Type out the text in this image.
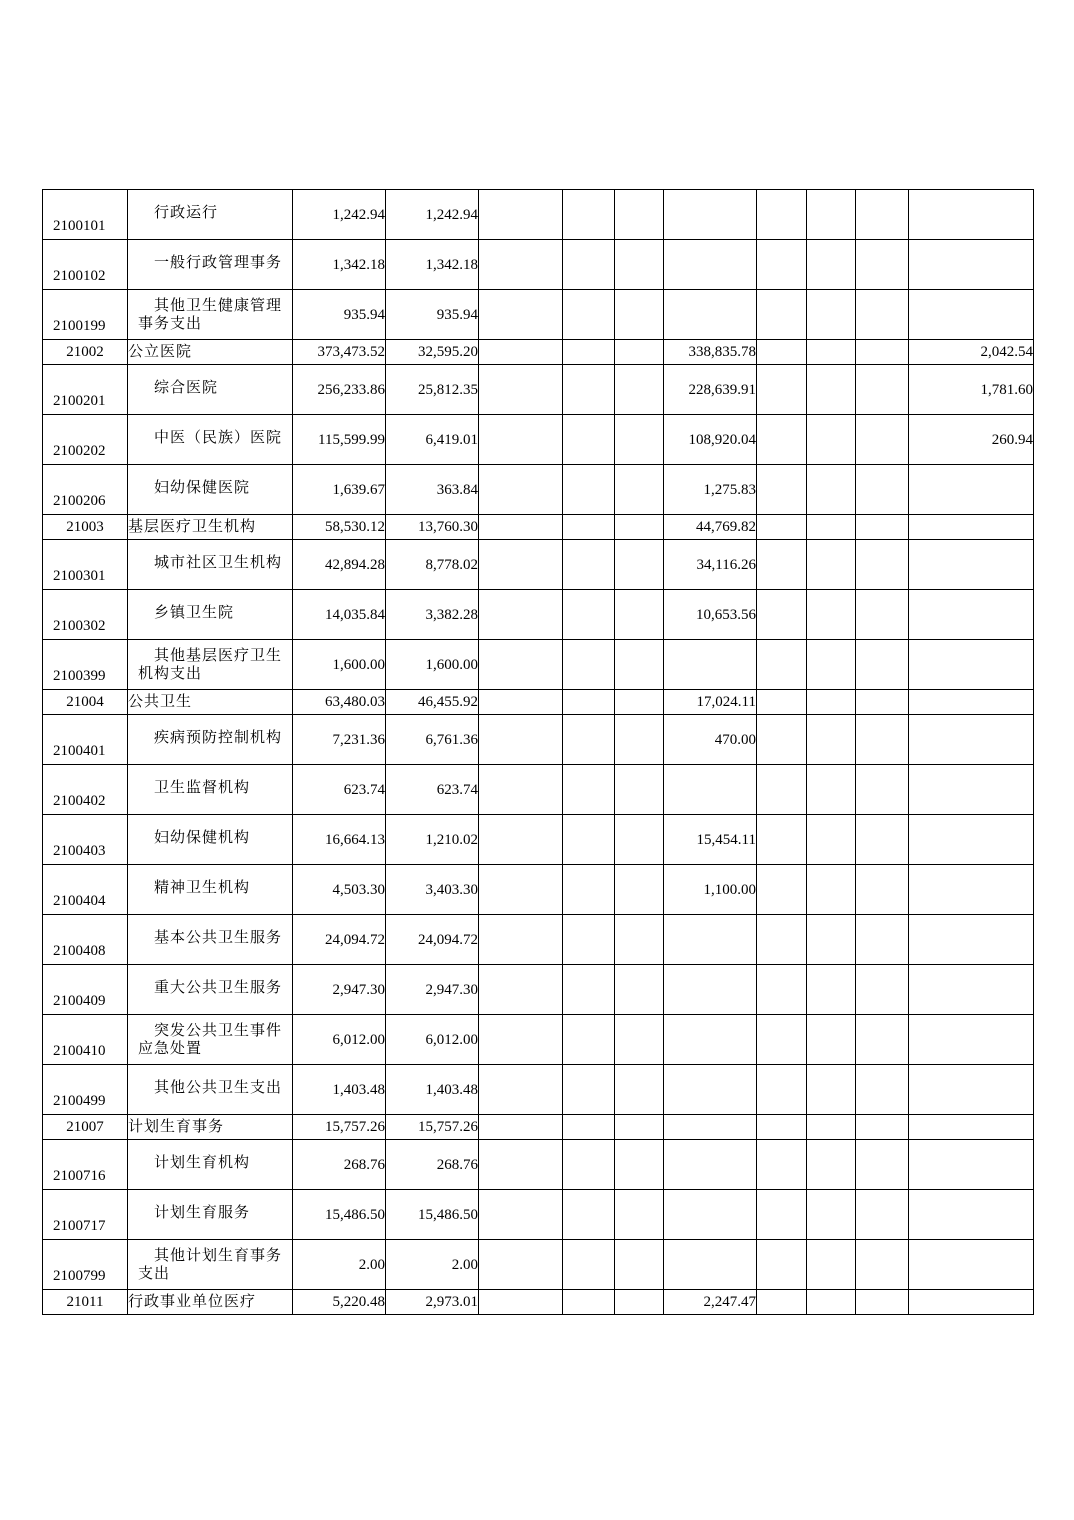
2100101	行政运行	1,242.94	1,242.94								
2100102	一般行政管理事务	1,342.18	1,342.18								
2100199	其他卫生健康管理
事务支出	935.94	935.94								
21002	公立医院	373,473.52	32,595.20				338,835.78				2,042.54
2100201	综合医院	256,233.86	25,812.35				228,639.91				1,781.60
2100202	中医（民族）医院	115,599.99	6,419.01				108,920.04				260.94
2100206	妇幼保健医院	1,639.67	363.84				1,275.83				
21003	基层医疗卫生机构	58,530.12	13,760.30				44,769.82				
2100301	城市社区卫生机构	42,894.28	8,778.02				34,116.26				
2100302	乡镇卫生院	14,035.84	3,382.28				10,653.56				
2100399	其他基层医疗卫生
机构支出	1,600.00	1,600.00								
21004	公共卫生	63,480.03	46,455.92				17,024.11				
2100401	疾病预防控制机构	7,231.36	6,761.36				470.00				
2100402	卫生监督机构	623.74	623.74								
2100403	妇幼保健机构	16,664.13	1,210.02				15,454.11				
2100404	精神卫生机构	4,503.30	3,403.30				1,100.00				
2100408	基本公共卫生服务	24,094.72	24,094.72								
2100409	重大公共卫生服务	2,947.30	2,947.30								
2100410	突发公共卫生事件
应急处置	6,012.00	6,012.00								
2100499	其他公共卫生支出	1,403.48	1,403.48								
21007	计划生育事务	15,757.26	15,757.26								
2100716	计划生育机构	268.76	268.76								
2100717	计划生育服务	15,486.50	15,486.50								
2100799	其他计划生育事务
支出	2.00	2.00								
21011	行政事业单位医疗	5,220.48	2,973.01				2,247.47				
